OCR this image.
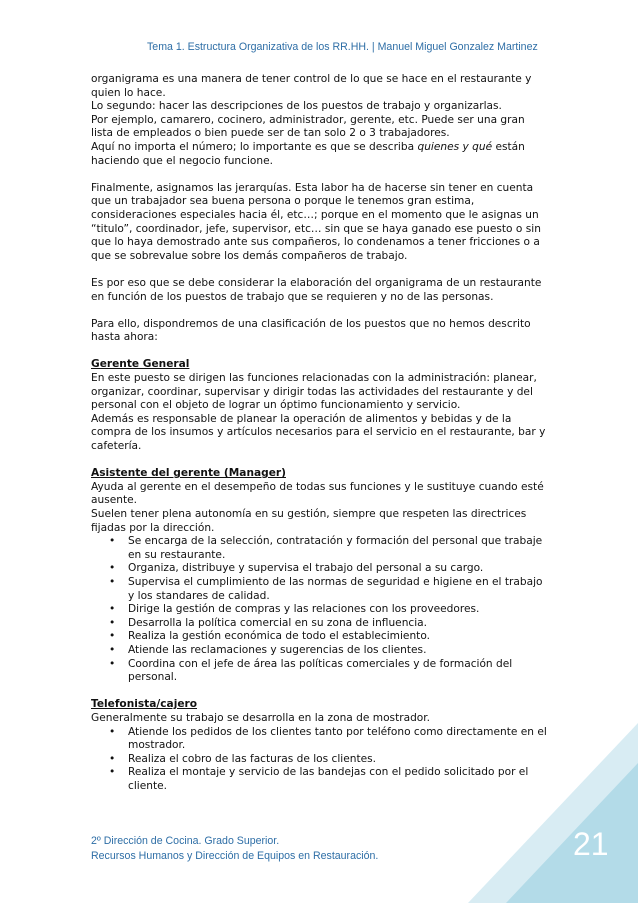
Tema 1. Estructura Organizativa de los RR.HH. | Manuel Miguel Gonzalez Martinez

organigrama es una manera de tener control de lo que se hace en el restaurante y quien lo hace.
Lo segundo: hacer las descripciones de los puestos de trabajo y organizarlas.
Por ejemplo, camarero, cocinero, administrador, gerente, etc. Puede ser una gran lista de empleados o bien puede ser de tan solo 2 o 3 trabajadores.
Aquí no importa el número; lo importante es que se describa quienes y qué están haciendo que el negocio funcione.

Finalmente, asignamos las jerarquías. Esta labor ha de hacerse sin tener en cuenta que un trabajador sea buena persona o porque le tenemos gran estima, consideraciones especiales hacia él, etc…; porque en el momento que le asignas un “titulo”, coordinador, jefe, supervisor, etc… sin que se haya ganado ese puesto o sin que lo haya demostrado ante sus compañeros, lo condenamos a tener fricciones o a que se sobrevalue sobre los demás compañeros de trabajo.

Es por eso que se debe considerar la elaboración del organigrama de un restaurante en función de los puestos de trabajo que se requieren y no de las personas.

Para ello, dispondremos de una clasificación de los puestos que no hemos descrito hasta ahora:

Gerente General
En este puesto se dirigen las funciones relacionadas con la administración: planear, organizar, coordinar, supervisar y dirigir todas las actividades del restaurante y del personal con el objeto de lograr un óptimo funcionamiento y servicio.
Además es responsable de planear la operación de alimentos y bebidas y de la compra de los insumos y artículos necesarios para el servicio en el restaurante, bar y cafetería.
Asistente del gerente (Manager)
Ayuda al gerente en el desempeño de todas sus funciones y le sustituye cuando esté ausente.
Suelen tener plena autonomía en su gestión, siempre que respeten las directrices fijadas por la dirección.
• Se encarga de la selección, contratación y formación del personal que trabaje en su restaurante.
• Organiza, distribuye y supervisa el trabajo del personal a su cargo.
• Supervisa el cumplimiento de las normas de seguridad e higiene en el trabajo y los standares de calidad.
• Dirige la gestión de compras y las relaciones con los proveedores.
• Desarrolla la política comercial en su zona de influencia.
• Realiza la gestión económica de todo el establecimiento.
• Atiende las reclamaciones y sugerencias de los clientes.
• Coordina con el jefe de área las políticas comerciales y de formación del personal.
Telefonista/cajero
Generalmente su trabajo se desarrolla en la zona de mostrador.
• Atiende los pedidos de los clientes tanto por teléfono como directamente en el mostrador.
• Realiza el cobro de las facturas de los clientes.
• Realiza el montaje y servicio de las bandejas con el pedido solicitado por el cliente.
21
2º Dirección de Cocina. Grado Superior.
Recursos Humanos y Dirección de Equipos en Restauración.
